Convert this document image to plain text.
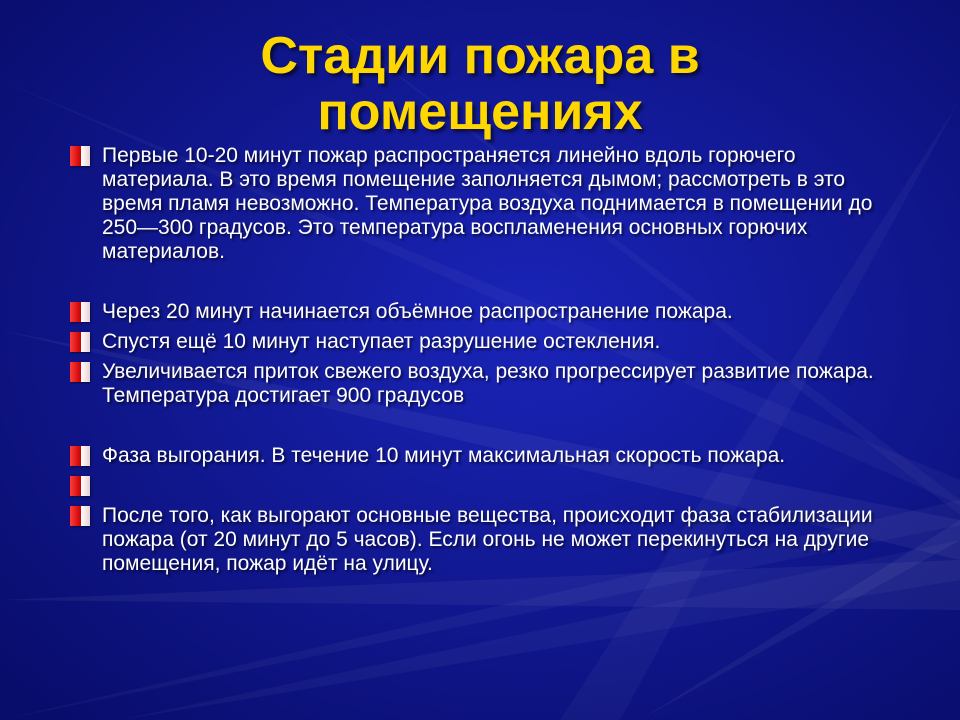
Стадии пожара в помещениях
Первые 10-20 минут пожар распространяется линейно вдоль горючего материала. В это время помещение заполняется дымом; рассмотреть в это время пламя невозможно. Температура воздуха поднимается в помещении до 250—300 градусов. Это температура воспламенения основных горючих материалов.
Через 20 минут начинается объёмное распространение пожара.
Спустя ещё 10 минут наступает разрушение остекления.
Увеличивается приток свежего воздуха, резко прогрессирует развитие пожара. Температура достигает 900 градусов
Фаза выгорания. В течение 10 минут максимальная скорость пожара.
После того, как выгорают основные вещества, происходит фаза стабилизации пожара (от 20 минут до 5 часов). Если огонь не может перекинуться на другие помещения, пожар идёт на улицу.
